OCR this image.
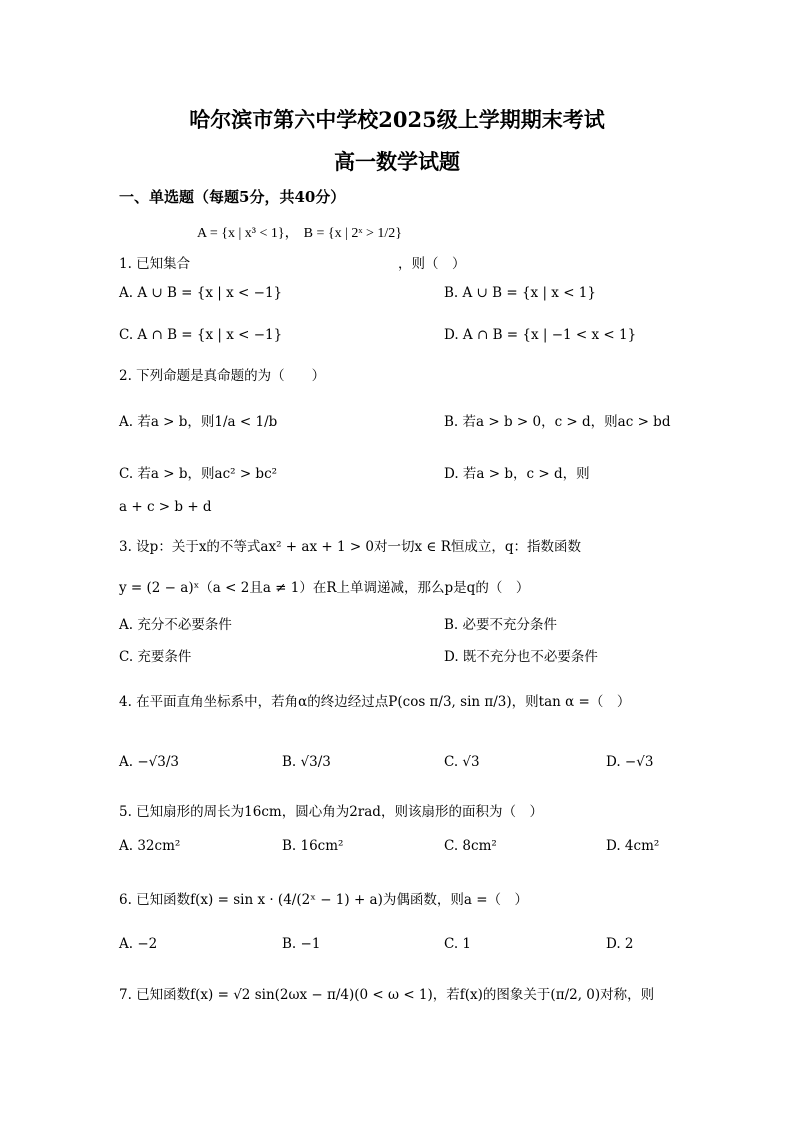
哈尔滨市第六中学校2025级上学期期末考试
高一数学试题
一、单选题（每题5分，共40分）
A = {x | x³ < 1}， B = {x | 2ˣ > 1/2}
1. 已知集合	，则（　）
A. A ∪ B = {x | x < −1}	B. A ∪ B = {x | x < 1}
C. A ∩ B = {x | x < −1}	D. A ∩ B = {x | −1 < x < 1}
2. 下列命题是真命题的为（　　）
A. 若a > b，则1/a < 1/b	B. 若a > b > 0，c > d，则ac > bd
C. 若a > b，则ac² > bc²	D. 若a > b，c > d，则
a + c > b + d
3. 设p：关于x的不等式ax² + ax + 1 > 0对一切x ∈ R恒成立，q：指数函数
y = (2 − a)ˣ（a < 2且a ≠ 1）在R上单调递减，那么p是q的（　）
A. 充分不必要条件	B. 必要不充分条件
C. 充要条件	D. 既不充分也不必要条件
4. 在平面直角坐标系中，若角α的终边经过点P(cos π/3, sin π/3)，则tan α =（　）
A. −√3/3	B. √3/3	C. √3	D. −√3
5. 已知扇形的周长为16cm，圆心角为2rad，则该扇形的面积为（　）
A. 32cm²	B. 16cm²	C. 8cm²	D. 4cm²
6. 已知函数f(x) = sin x · (4/(2ˣ − 1) + a)为偶函数，则a =（　）
A. −2	B. −1	C. 1	D. 2
7. 已知函数f(x) = √2 sin(2ωx − π/4)(0 < ω < 1)，若f(x)的图象关于(π/2, 0)对称，则
